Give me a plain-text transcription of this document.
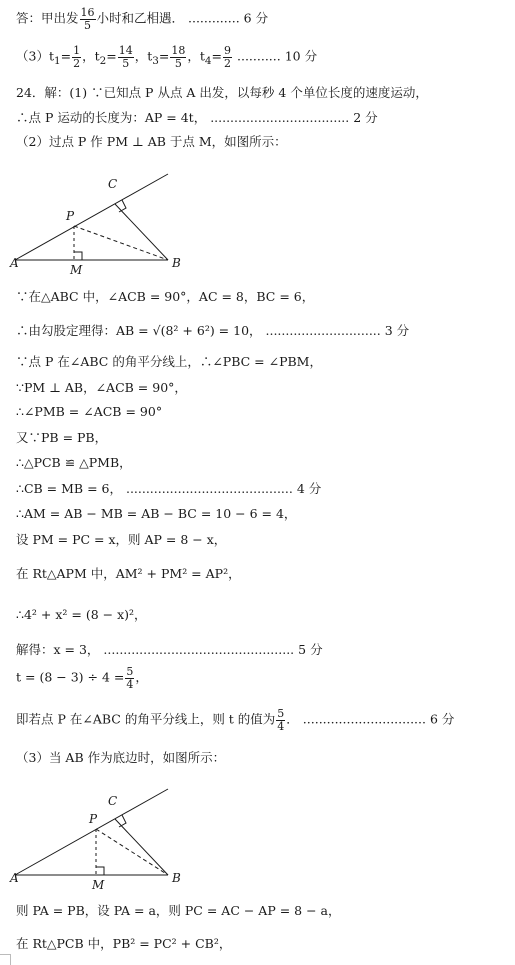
答：甲出发 $\frac{16}{5}$ 小时和乙相遇． ............. 6 分
$(3)t_1= \frac{1}{2}$ ，$t_2= \frac{14}{5}$ ，$t_3= \frac{18}{5}$ ，$t_4= \frac{9}{2}$ ........... 10 分
24．解：(1) ∵已知点 P 从点 A 出发，以每秒 4 个单位长度的速度运动，
∴点 P 运动的长度为：AP = 4t， ................................... 2 分
（2）过点 P 作 PM ⊥ AB 于点 M，如图所示：
A	B
C
P
M
∵在△ABC 中，∠ACB = 90°，AC = 8，BC = 6，
∴由勾股定理得：AB = √(8² + 6²) = 10， ............................. 3 分
∵点 P 在∠ABC 的角平分线上，∴∠PBC = ∠PBM，
∵PM ⊥ AB，∠ACB = 90°，
∴∠PMB = ∠ACB = 90°
又∵PB = PB，
∴△PCB ≌ △PMB，
∴CB = MB = 6， .......................................... 4 分
∴AM = AB − MB = AB − BC = 10 − 6 = 4，
设 PM = PC = x，则 AP = 8 − x，
在 Rt△APM 中，AM² + PM² = AP²，
∴4² + x² = (8 − x)²，
解得：x = 3， ................................................ 5 分
$t = (8 - 3) \div 4 = \frac{5}{4}$ ，
即若点 P 在∠ABC 的角平分线上，则 t 的值为 $\frac{5}{4}$ ． ............................... 6 分
（3）当 AB 作为底边时，如图所示：
A	B
C
P
M
则 PA = PB，设 PA = a，则 PC = AC − AP = 8 − a，
在 Rt△PCB 中，PB² = PC² + CB²，
